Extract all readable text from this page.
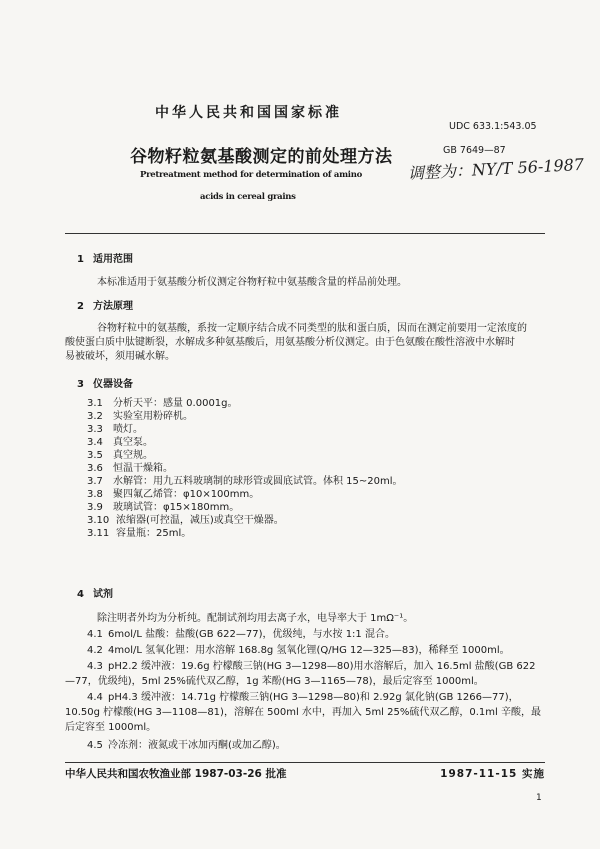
中华人民共和国国家标准
UDC 633.1:543.05
谷物籽粒氨基酸测定的前处理方法	GB 7649—87
Pretreatment method for determination of amino
acids in cereal grains
调整为：NY/T 56-1987
1 适用范围
本标准适用于氨基酸分析仪测定谷物籽粒中氨基酸含量的样品前处理。
2 方法原理
谷物籽粒中的氨基酸，系按一定顺序结合成不同类型的肽和蛋白质，因而在测定前要用一定浓度的
酸使蛋白质中肽键断裂，水解成多种氨基酸后，用氨基酸分析仪测定。由于色氨酸在酸性溶液中水解时
易被破坏，须用碱水解。
3 仪器设备
3.1 分析天平：感量 0.0001g。
3.2 实验室用粉碎机。
3.3 喷灯。
3.4 真空泵。
3.5 真空规。
3.6 恒温干燥箱。
3.7 水解管：用九五料玻璃制的球形管或圆底试管。体积 15~20ml。
3.8 聚四氟乙烯管：φ10×100mm。
3.9 玻璃试管：φ15×180mm。
3.10 浓缩器(可控温，减压)或真空干燥器。
3.11 容量瓶：25ml。
4 试剂
除注明者外均为分析纯。配制试剂均用去离子水，电导率大于 1mΩ⁻¹。
4.1 6mol/L 盐酸：盐酸(GB 622—77)，优级纯，与水按 1:1 混合。
4.2 4mol/L 氢氧化锂：用水溶解 168.8g 氢氧化锂(Q/HG 12—325—83)，稀释至 1000ml。
4.3 pH2.2 缓冲液：19.6g 柠檬酸三钠(HG 3—1298—80)用水溶解后，加入 16.5ml 盐酸(GB 622
—77，优级纯)，5ml 25%硫代双乙醇，1g 苯酚(HG 3—1165—78)，最后定容至 1000ml。
4.4 pH4.3 缓冲液：14.71g 柠檬酸三钠(HG 3—1298—80)和 2.92g 氯化钠(GB 1266—77)，
10.50g 柠檬酸(HG 3—1108—81)，溶解在 500ml 水中，再加入 5ml 25%硫代双乙醇，0.1ml 辛酸，最
后定容至 1000ml。
4.5 冷冻剂：液氮或干冰加丙酮(或加乙醇)。
中华人民共和国农牧渔业部 1987-03-26 批准	1987-11-15 实施
1
